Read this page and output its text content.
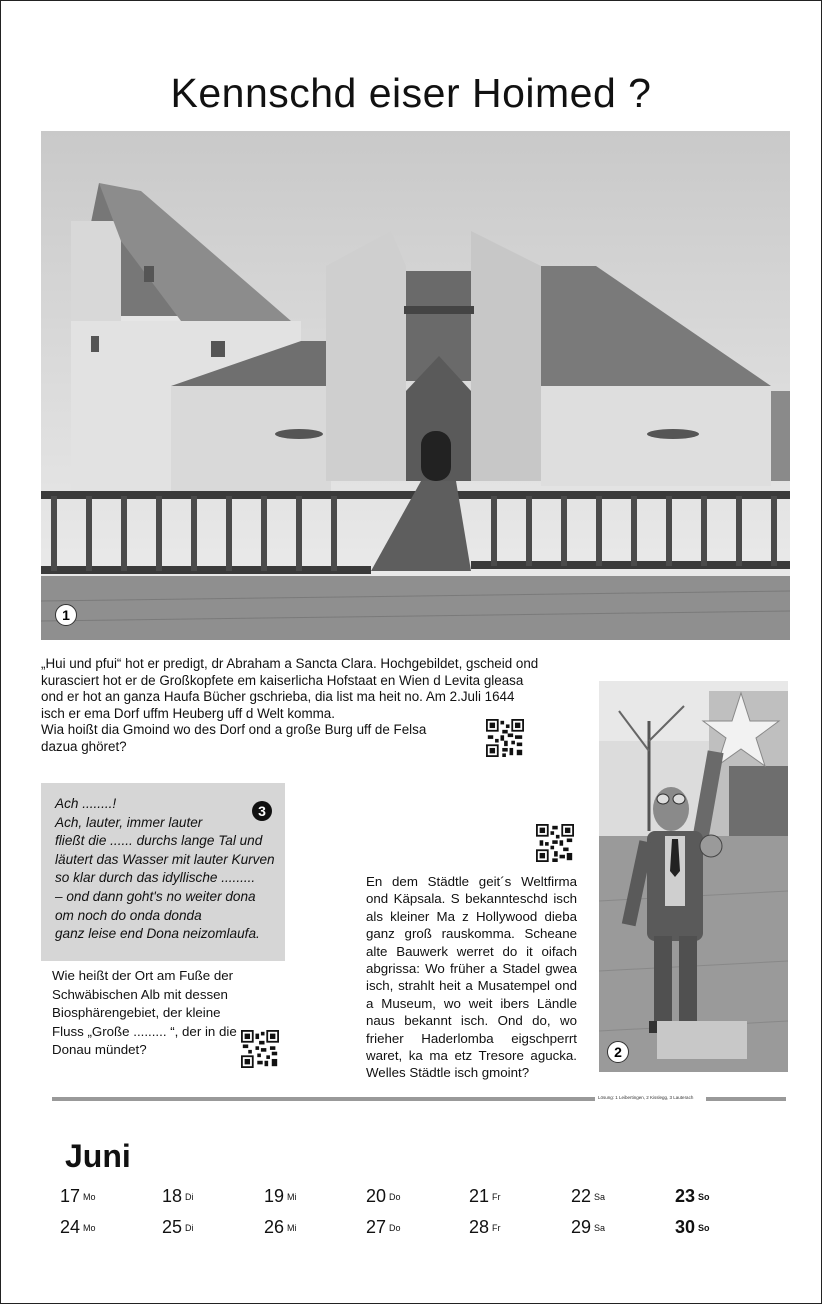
Kennschd eiser Hoimed ?
1
„Hui und pfui“ hot er predigt, dr Abraham a Sancta Clara. Hochgebildet, gscheid ond kurasciert hot er de Großkopfete em kaiserlicha Hofstaat en Wien d Levita gleasa ond er hot an ganza Haufa Bücher gschrieba, dia list ma heit no. Am 2.Juli 1644 isch er ema Dorf uffm Heuberg uff d Welt komma.
Wia hoißt dia Gmoind wo des Dorf ond a große Burg uff de Felsa dazua ghöret?
Ach ........!
Ach, lauter, immer lauter
fließt die ...... durchs lange Tal und
läutert das Wasser mit lauter Kurven
so klar durch das idyllische .........
– ond dann goht's no weiter dona
om noch do onda donda
ganz leise end Dona neizomlaufa.
3
Wie heißt der Ort am Fuße der Schwäbischen Alb mit dessen Biosphärengebiet, der kleine Fluss „Große ......... “, der in die Donau mündet?
En dem Städtle geit´s Weltfirma ond Käpsala. S bekannteschd isch als kleiner Ma z Hollywood dieba ganz groß rauskomma. Scheane alte Bauwerk werret do it oifach abgrissa: Wo früher a Stadel gwea isch, strahlt heit a Musatempel ond a Museum, wo weit ibers Ländle naus bekannt isch. Ond do, wo frieher Haderlomba eigschperrt waret, ka ma etz Tresore agucka. Welles Städtle isch gmoint?
2
Lösung: 1 Leibertingen, 2 Kisslegg, 3 Lauterach
Juni
17 Mo	18 Di	19 Mi	20 Do	21 Fr	22 Sa	23 So
24 Mo	25 Di	26 Mi	27 Do	28 Fr	29 Sa	30 So
